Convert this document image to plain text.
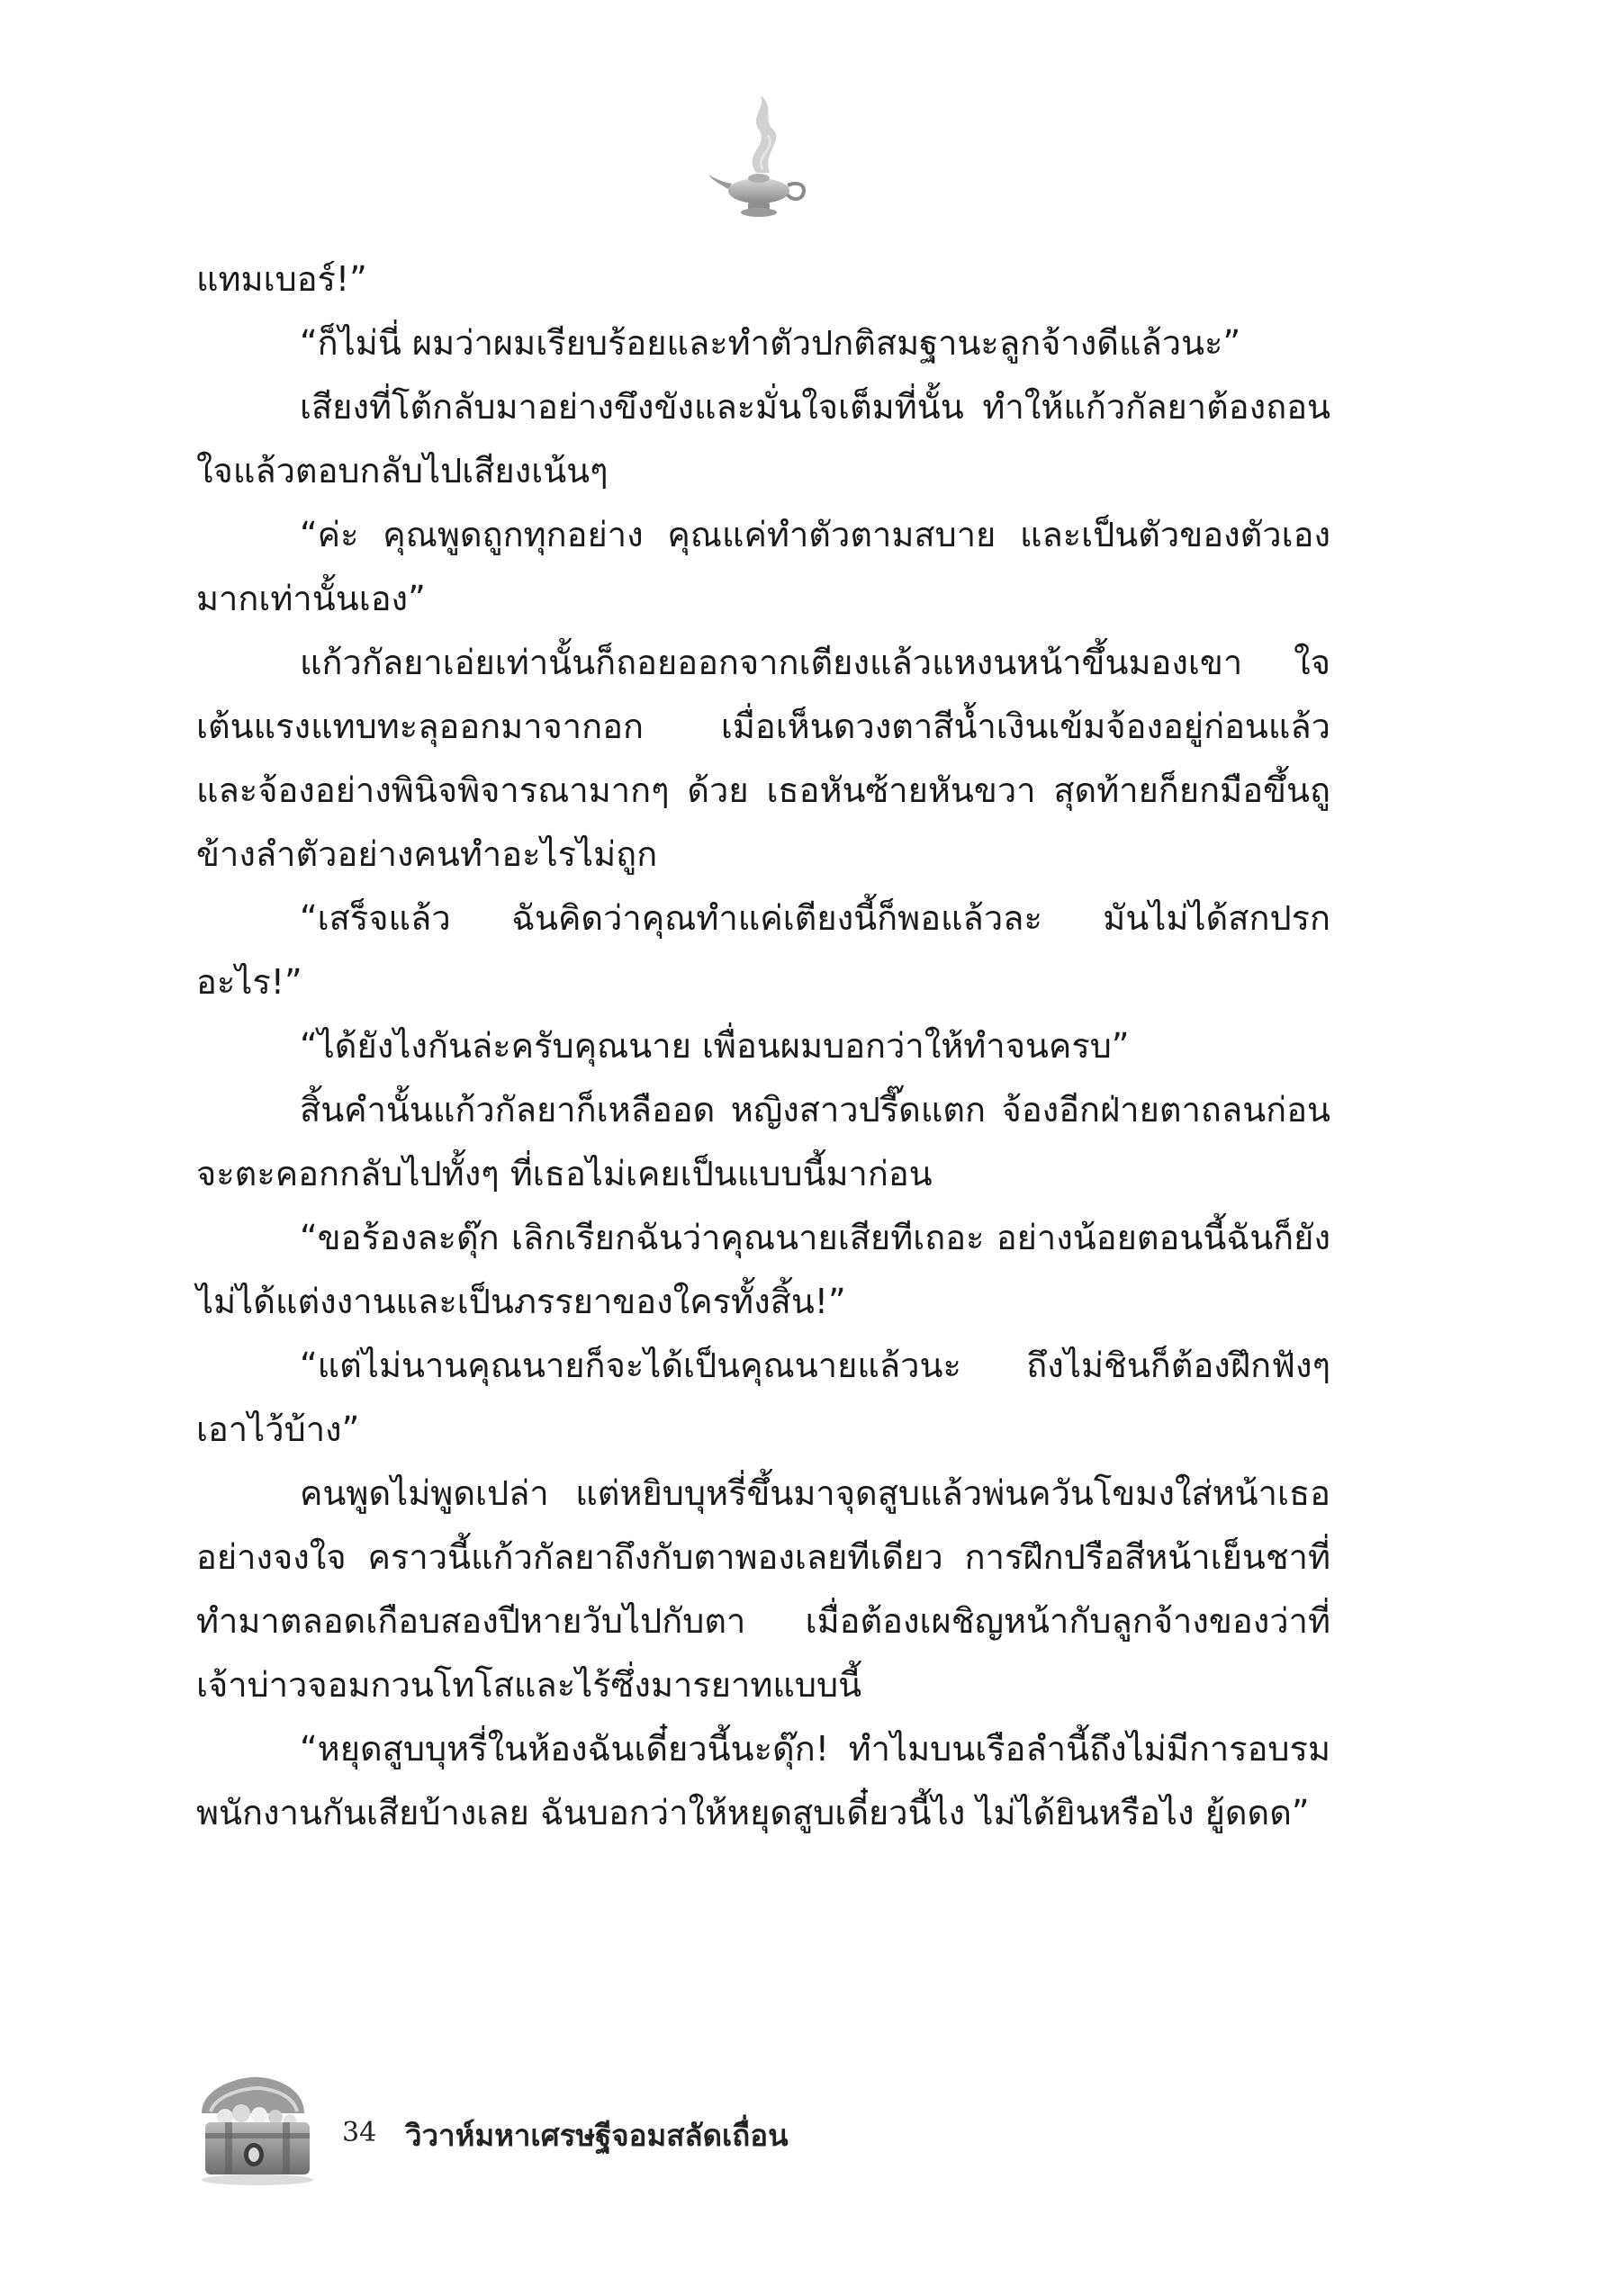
แทมเบอร์!”

“ก็ไม่นี่ ผมว่าผมเรียบร้อยและทำตัวปกติสมฐานะลูกจ้างดีแล้วนะ”

เสียงที่โต้กลับมาอย่างขึงขังและมั่นใจเต็มที่นั้น ทำให้แก้วกัลยาต้องถอนใจแล้วตอบกลับไปเสียงเน้นๆ

“ค่ะ คุณพูดถูกทุกอย่าง คุณแค่ทำตัวตามสบาย และเป็นตัวของตัวเองมากเท่านั้นเอง”

แก้วกัลยาเอ่ยเท่านั้นก็ถอยออกจากเตียงแล้วแหงนหน้าขึ้นมองเขา ใจเต้นแรงแทบทะลุออกมาจากอก เมื่อเห็นดวงตาสีน้ำเงินเข้มจ้องอยู่ก่อนแล้ว และจ้องอย่างพินิจพิจารณามากๆ ด้วย เธอหันซ้ายหันขวา สุดท้ายก็ยกมือขึ้นถูข้างลำตัวอย่างคนทำอะไรไม่ถูก

“เสร็จแล้ว ฉันคิดว่าคุณทำแค่เตียงนี้ก็พอแล้วละ มันไม่ได้สกปรกอะไร!”

“ได้ยังไงกันล่ะครับคุณนาย เพื่อนผมบอกว่าให้ทำจนครบ”

สิ้นคำนั้นแก้วกัลยาก็เหลืออด หญิงสาวปรี๊ดแตก จ้องอีกฝ่ายตาถลนก่อนจะตะคอกกลับไปทั้งๆ ที่เธอไม่เคยเป็นแบบนี้มาก่อน

“ขอร้องละดุ๊ก เลิกเรียกฉันว่าคุณนายเสียทีเถอะ อย่างน้อยตอนนี้ฉันก็ยังไม่ได้แต่งงานและเป็นภรรยาของใครทั้งสิ้น!”

“แต่ไม่นานคุณนายก็จะได้เป็นคุณนายแล้วนะ ถึงไม่ชินก็ต้องฝึกฟังๆ เอาไว้บ้าง”

คนพูดไม่พูดเปล่า แต่หยิบบุหรี่ขึ้นมาจุดสูบแล้วพ่นควันโขมงใส่หน้าเธออย่างจงใจ คราวนี้แก้วกัลยาถึงกับตาพองเลยทีเดียว การฝึกปรือสีหน้าเย็นชาที่ทำมาตลอดเกือบสองปีหายวับไปกับตา เมื่อต้องเผชิญหน้ากับลูกจ้างของว่าที่เจ้าบ่าวจอมกวนโทโสและไร้ซึ่งมารยาทแบบนี้

“หยุดสูบบุหรี่ในห้องฉันเดี๋ยวนี้นะดุ๊ก! ทำไมบนเรือลำนี้ถึงไม่มีการอบรมพนักงานกันเสียบ้างเลย ฉันบอกว่าให้หยุดสูบเดี๋ยวนี้ไง ไม่ได้ยินหรือไง ยู้ดดด”

34 วิวาห์มหาเศรษฐีจอมสลัดเถื่อน
